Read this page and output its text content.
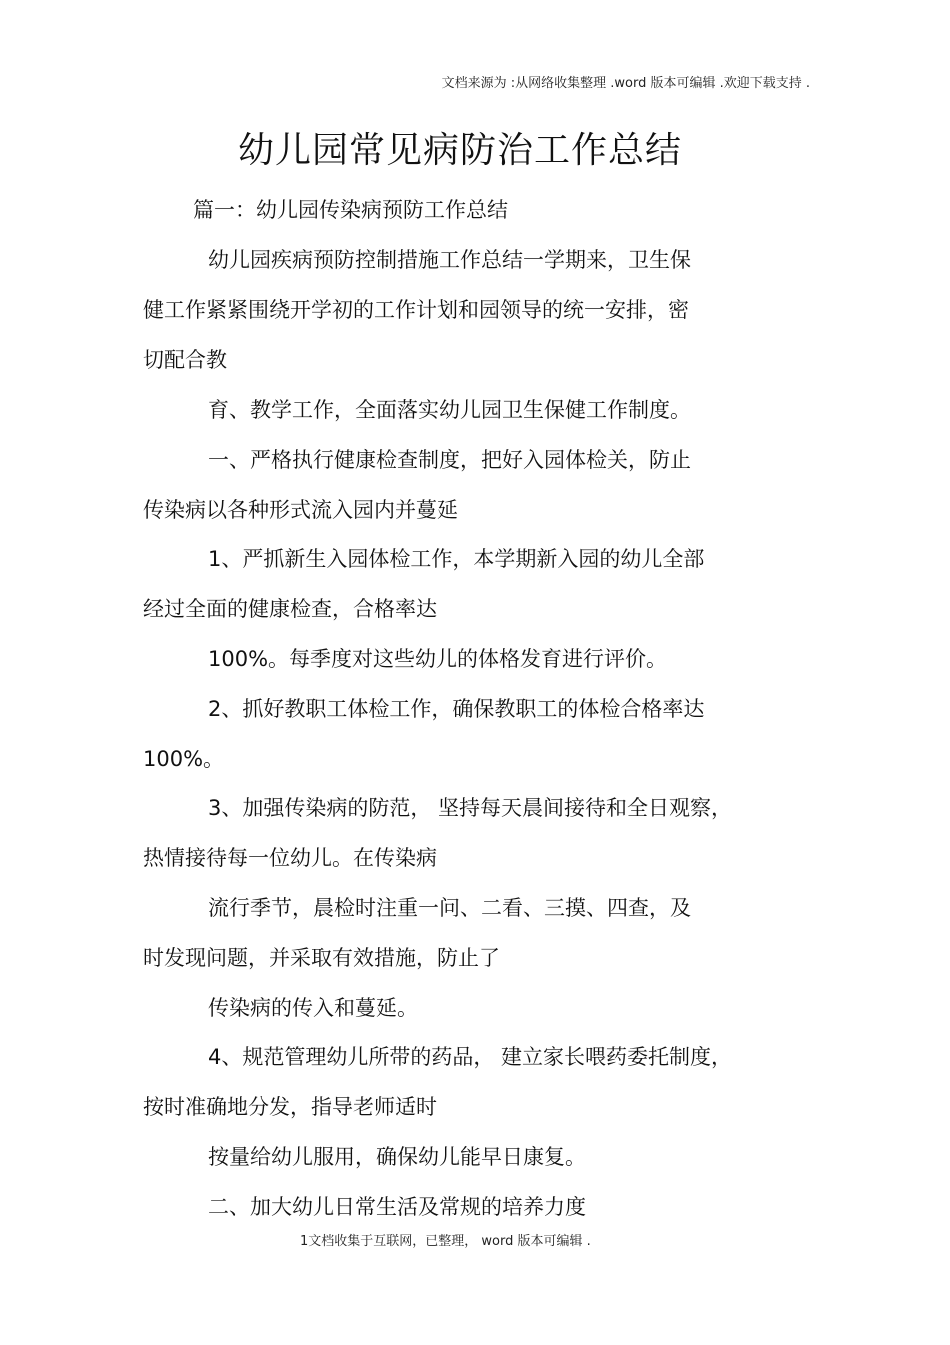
文档来源为 :从网络收集整理 .word 版本可编辑 .欢迎下载支持 .
幼儿园常见病防治工作总结
篇一：幼儿园传染病预防工作总结
幼儿园疾病预防控制措施工作总结一学期来，卫生保
健工作紧紧围绕开学初的工作计划和园领导的统一安排，密
切配合教
育、教学工作，全面落实幼儿园卫生保健工作制度。
一、严格执行健康检查制度，把好入园体检关，防止
传染病以各种形式流入园内并蔓延
1、严抓新生入园体检工作，本学期新入园的幼儿全部
经过全面的健康检查，合格率达
100%。每季度对这些幼儿的体格发育进行评价。
2、抓好教职工体检工作，确保教职工的体检合格率达
100%。
3、加强传染病的防范， 坚持每天晨间接待和全日观察，
热情接待每一位幼儿。在传染病
流行季节，晨检时注重一问、二看、三摸、四查，及
时发现问题，并采取有效措施，防止了
传染病的传入和蔓延。
4、规范管理幼儿所带的药品， 建立家长喂药委托制度，
按时准确地分发，指导老师适时
按量给幼儿服用，确保幼儿能早日康复。
二、加大幼儿日常生活及常规的培养力度
1文档收集于互联网，已整理， word 版本可编辑 .
